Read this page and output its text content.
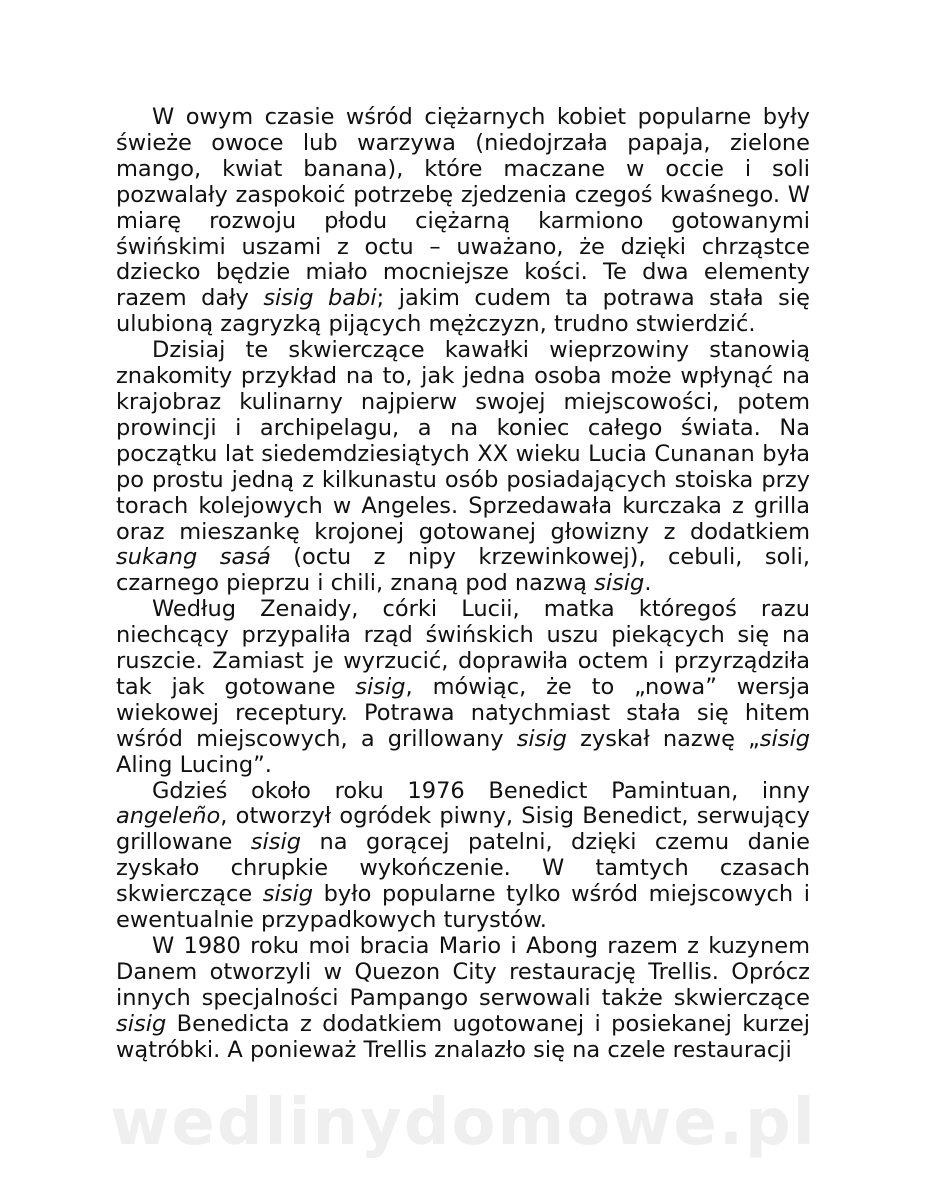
W owym czasie wśród ciężarnych kobiet popularne były świeże owoce lub warzywa (niedojrzała papaja, zielone mango, kwiat banana), które maczane w occie i soli pozwalały zaspokoić potrzebę zjedzenia czegoś kwaśnego. W miarę rozwoju płodu ciężarną karmiono gotowanymi świńskimi uszami z octu – uważano, że dzięki chrząstce dziecko będzie miało mocniejsze kości. Te dwa elementy razem dały sisig babi; jakim cudem ta potrawa stała się ulubioną zagryzką pijących mężczyzn, trudno stwierdzić.

Dzisiaj te skwierczące kawałki wieprzowiny stanowią znakomity przykład na to, jak jedna osoba może wpłynąć na krajobraz kulinarny najpierw swojej miejscowości, potem prowincji i archipelagu, a na koniec całego świata. Na początku lat siedemdziesiątych XX wieku Lucia Cunanan była po prostu jedną z kilkunastu osób posiadających stoiska przy torach kolejowych w Angeles. Sprzedawała kurczaka z grilla oraz mieszankę krojonej gotowanej głowizny z dodatkiem sukang sasá (octu z nipy krzewinkowej), cebuli, soli, czarnego pieprzu i chili, znaną pod nazwą sisig.

Według Zenaidy, córki Lucii, matka któregoś razu niechcący przypaliła rząd świńskich uszu piekących się na ruszcie. Zamiast je wyrzucić, doprawiła octem i przyrządziła tak jak gotowane sisig, mówiąc, że to „nowa” wersja wiekowej receptury. Potrawa natychmiast stała się hitem wśród miejscowych, a grillowany sisig zyskał nazwę „sisig Aling Lucing”.

Gdzieś około roku 1976 Benedict Pamintuan, inny angeleño, otworzył ogródek piwny, Sisig Benedict, serwujący grillowane sisig na gorącej patelni, dzięki czemu danie zyskało chrupkie wykończenie. W tamtych czasach skwierczące sisig było popularne tylko wśród miejscowych i ewentualnie przypadkowych turystów.

W 1980 roku moi bracia Mario i Abong razem z kuzynem Danem otworzyli w Quezon City restaurację Trellis. Oprócz innych specjalności Pampango serwowali także skwierczące sisig Benedicta z dodatkiem ugotowanej i posiekanej kurzej wątróbki. A ponieważ Trellis znalazło się na czele restauracji

wedlinydomowe.pl
